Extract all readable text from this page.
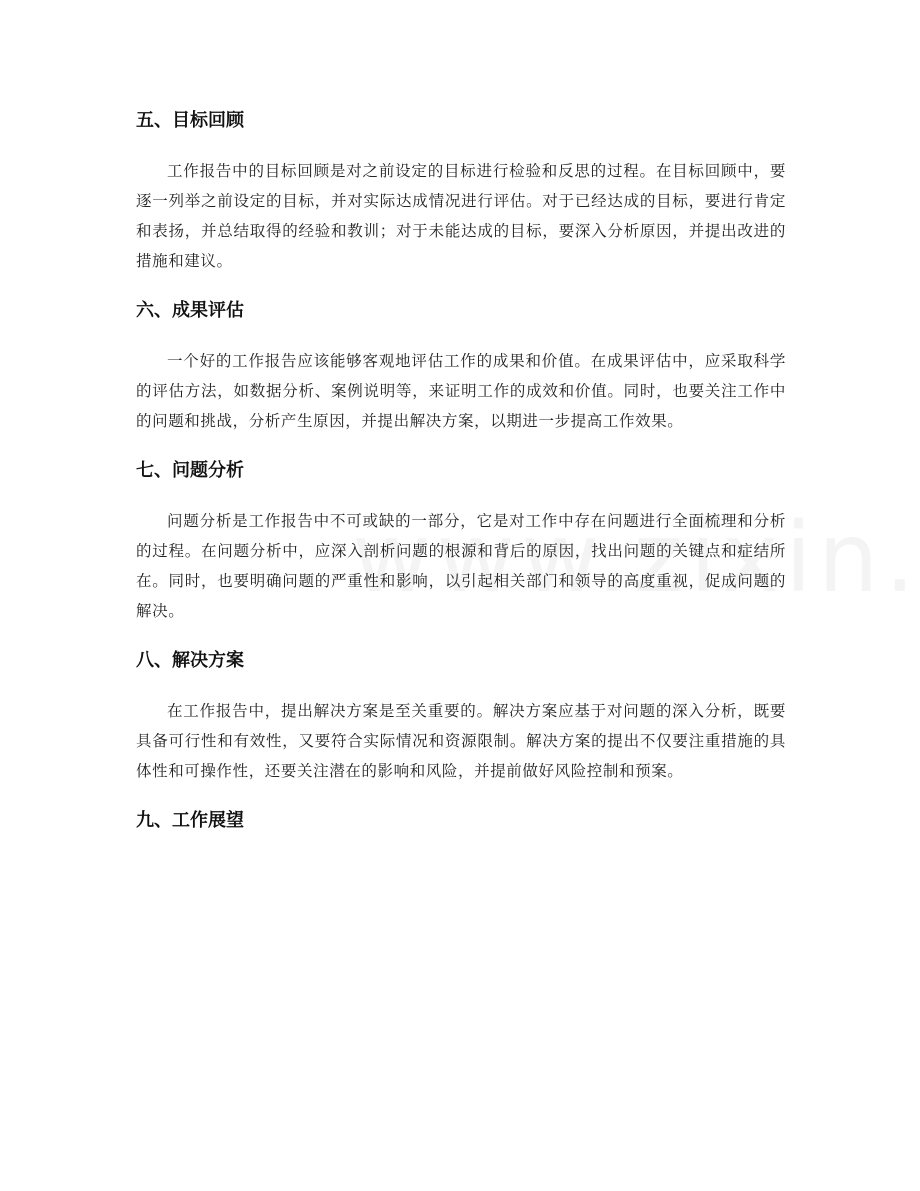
五、目标回顾

工作报告中的目标回顾是对之前设定的目标进行检验和反思的过程。在目标回顾中，要逐一列举之前设定的目标，并对实际达成情况进行评估。对于已经达成的目标，要进行肯定和表扬，并总结取得的经验和教训；对于未能达成的目标，要深入分析原因，并提出改进的措施和建议。

六、成果评估

一个好的工作报告应该能够客观地评估工作的成果和价值。在成果评估中，应采取科学的评估方法，如数据分析、案例说明等，来证明工作的成效和价值。同时，也要关注工作中的问题和挑战，分析产生原因，并提出解决方案，以期进一步提高工作效果。

七、问题分析

问题分析是工作报告中不可或缺的一部分，它是对工作中存在问题进行全面梳理和分析的过程。在问题分析中，应深入剖析问题的根源和背后的原因，找出问题的关键点和症结所在。同时，也要明确问题的严重性和影响，以引起相关部门和领导的高度重视，促成问题的解决。

八、解决方案

在工作报告中，提出解决方案是至关重要的。解决方案应基于对问题的深入分析，既要具备可行性和有效性，又要符合实际情况和资源限制。解决方案的提出不仅要注重措施的具体性和可操作性，还要关注潜在的影响和风险，并提前做好风险控制和预案。

九、工作展望
